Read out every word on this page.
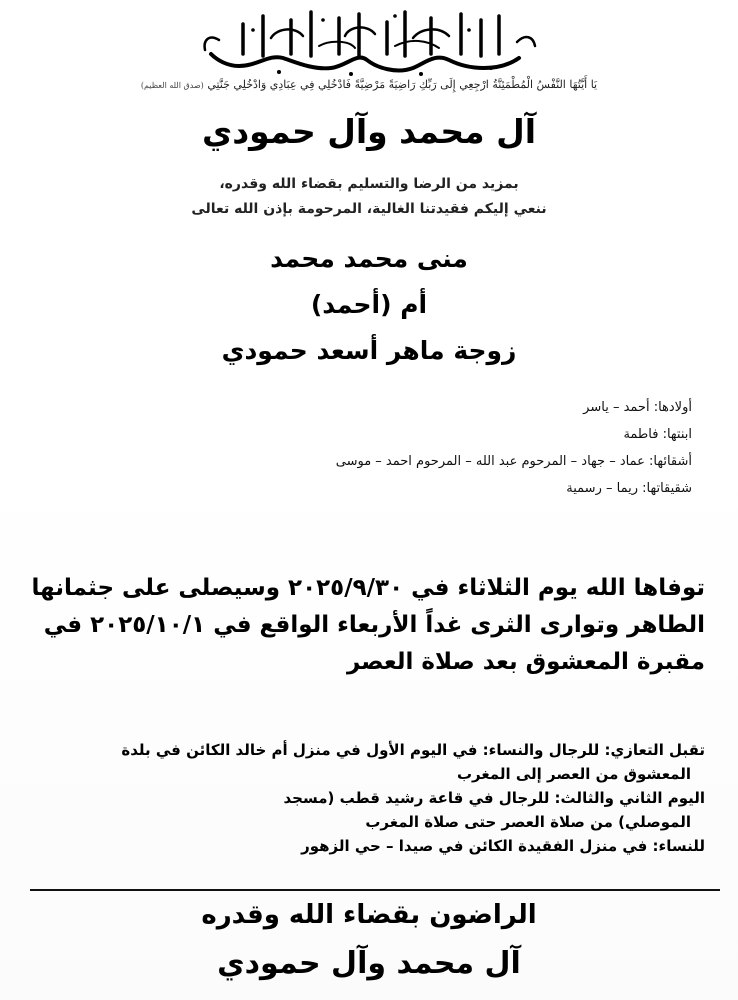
يَا أَيَّتُهَا النَّفْسُ الْمُطْمَئِنَّةُ ارْجِعِي إِلَى رَبِّكِ رَاضِيَةً مَرْضِيَّةً فَادْخُلِي فِي عِبَادِي وَادْخُلِي جَنَّتِي (صدق الله العظيم)
آل محمد وآل حمودي
بمزيد من الرضا والتسليم بقضاء الله وقدره،
ننعي إليكم فقيدتنا الغالية، المرحومة بإذن الله تعالى
منى محمد محمد
أم (أحمد)
زوجة ماهر أسعد حمودي
أولادها: أحمد – ياسر
ابنتها: فاطمة
أشقائها: عماد – جهاد – المرحوم عبد الله – المرحوم احمد – موسى
شقيقاتها: ريما – رسمية
توفاها الله يوم الثلاثاء في ٢٠٢٥/٩/٣٠ وسيصلى على جثمانها
الطاهر وتوارى الثرى غداً الأربعاء الواقع في ٢٠٢٥/١٠/١ في
مقبرة المعشوق بعد صلاة العصر
تقبل التعازي: للرجال والنساء: في اليوم الأول في منزل أم خالد الكائن في بلدة
المعشوق من العصر إلى المغرب
اليوم الثاني والثالث: للرجال في قاعة رشيد قطب (مسجد
الموصلي) من صلاة العصر حتى صلاة المغرب
للنساء: في منزل الفقيدة الكائن في صيدا – حي الزهور
الراضون بقضاء الله وقدره
آل محمد وآل حمودي
